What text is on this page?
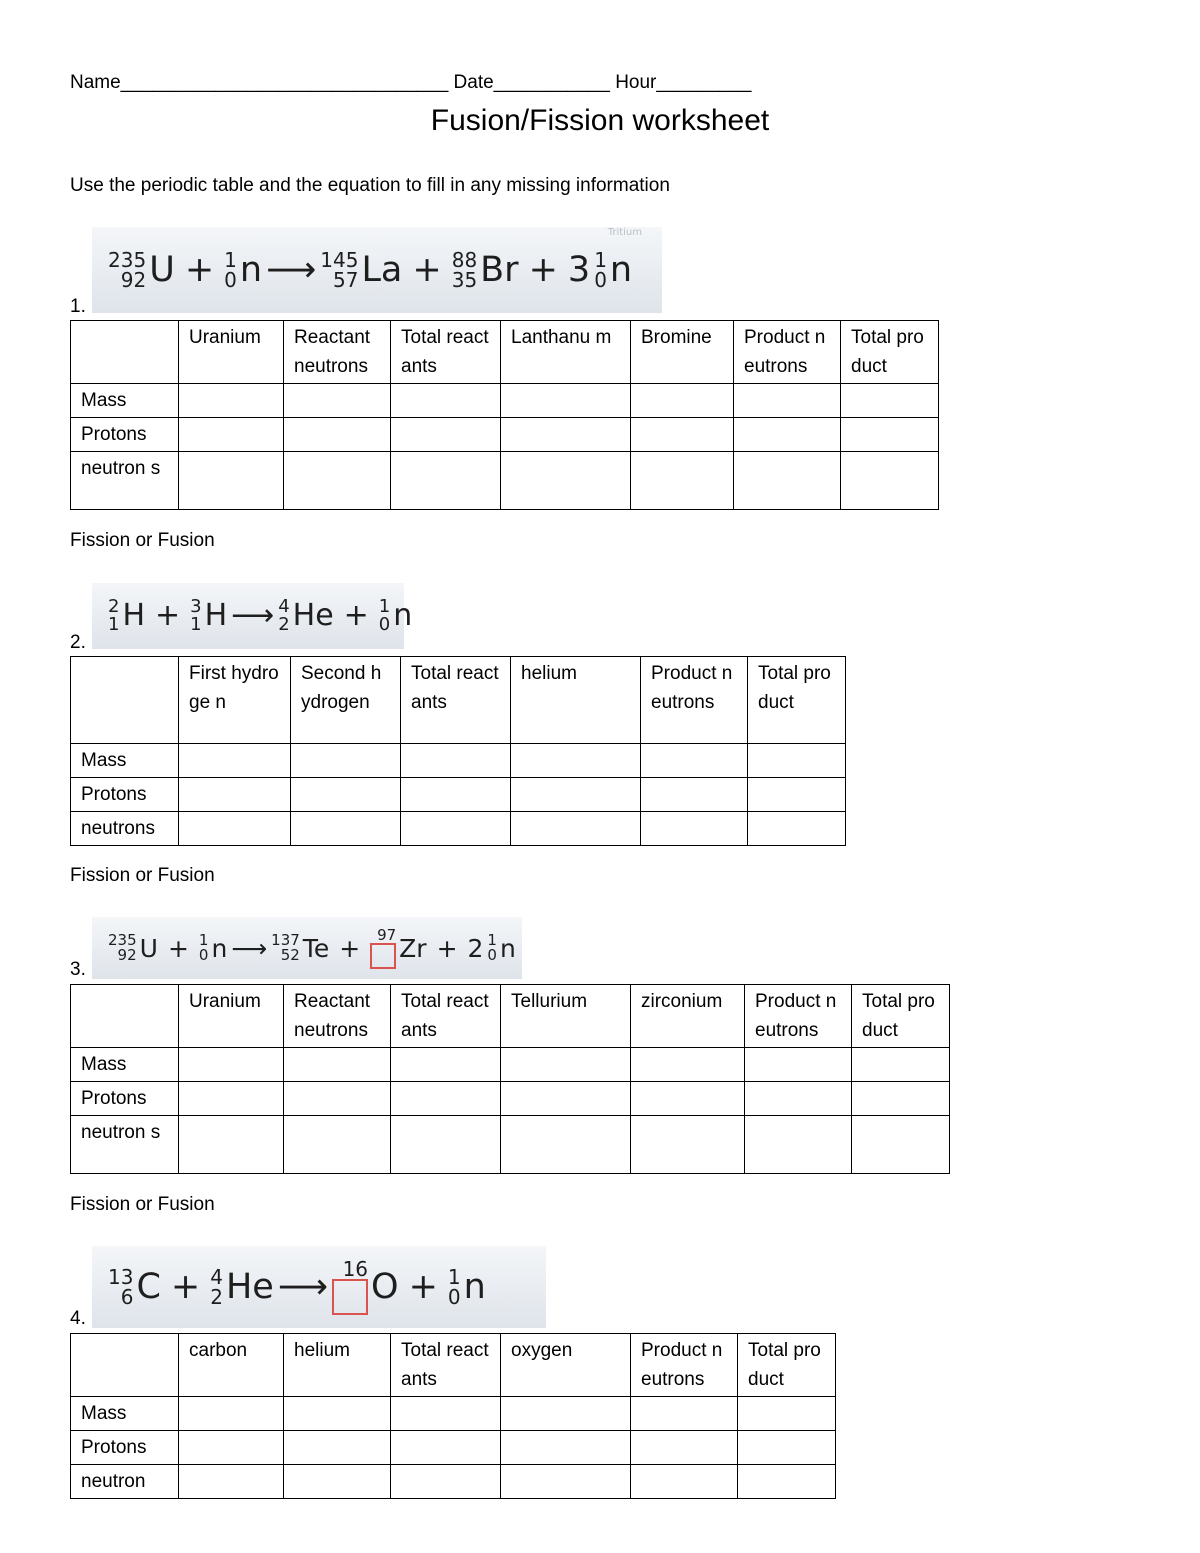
Name_______________________________ Date___________ Hour_________
Fusion/Fission worksheet
Use the periodic table and the equation to fill in any missing information
1.
Tritium
235
92 U + 1
0 n ⟶ 145
57 La + 88
35 Br + 3 1
0 n
	Uranium	Reactant neutrons	Total reactants	Lanthanu m	Bromine	Product neutrons	Total product
Mass							
Protons							
neutron s							
Fission or Fusion
2.
2
1 H + 3
1 H ⟶ 4
2 He + 1
0 n
	First hydroge n	Second hydrogen	Total reactants	helium	Product neutrons	Total product
Mass						
Protons						
neutrons						
Fission or Fusion
3.
235
92 U + 1
0 n ⟶ 137
52 Te + 97 Zr + 2 1
0 n
	Uranium	Reactant neutrons	Total reactants	Tellurium	zirconium	Product neutrons	Total product
Mass							
Protons							
neutron s							
Fission or Fusion
4.
13
6 C + 4
2 He ⟶ 16 O + 1
0 n
	carbon	helium	Total reactants	oxygen	Product neutrons	Total product
Mass						
Protons						
neutron						
